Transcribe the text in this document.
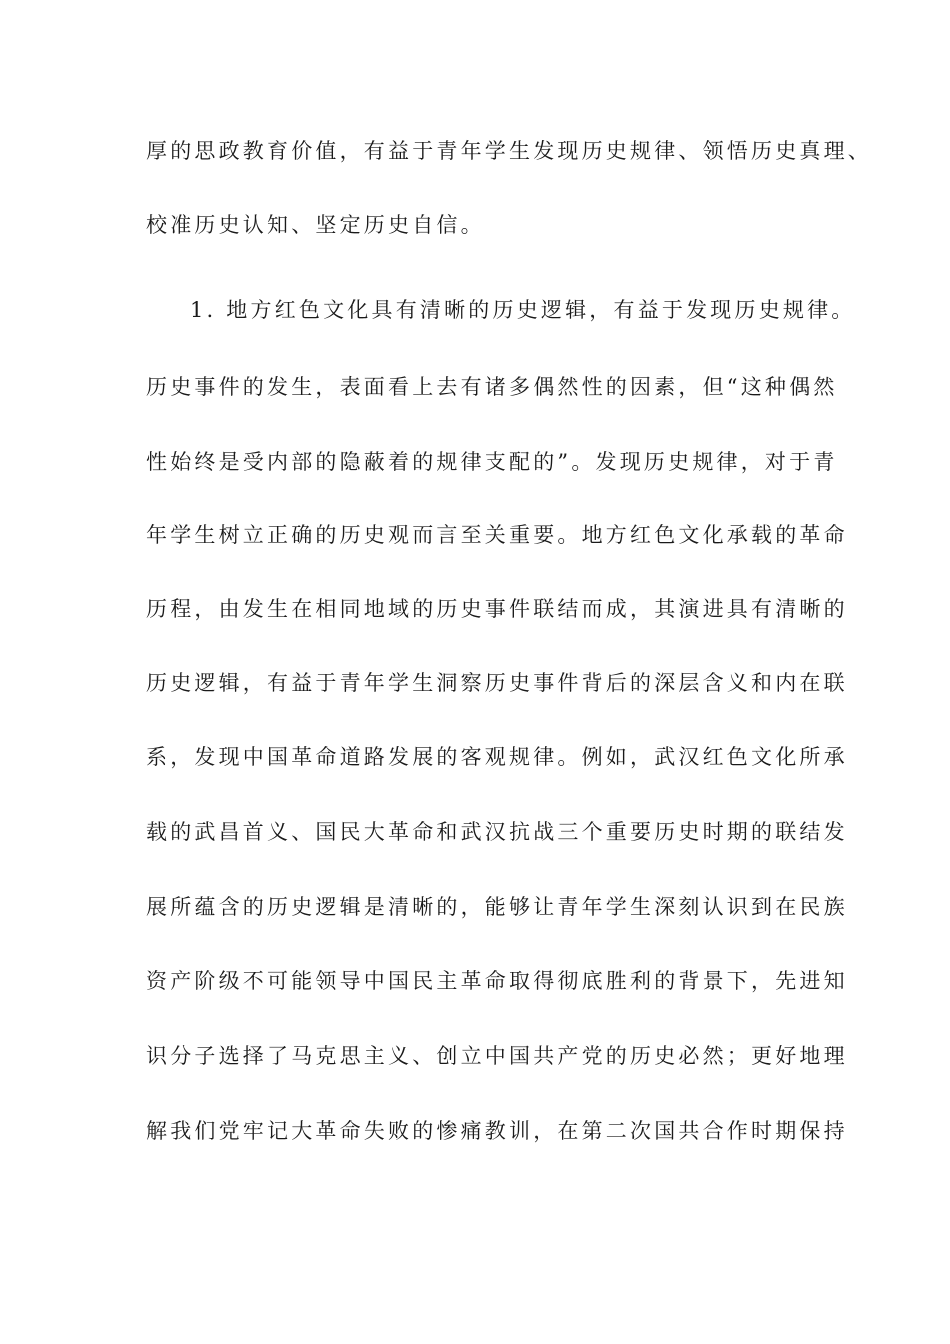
厚的思政教育价值，有益于青年学生发现历史规律、领悟历史真理、
校准历史认知、坚定历史自信。
1. 地方红色文化具有清晰的历史逻辑，有益于发现历史规律。
历史事件的发生，表面看上去有诸多偶然性的因素，但“这种偶然
性始终是受内部的隐蔽着的规律支配的”。发现历史规律，对于青
年学生树立正确的历史观而言至关重要。地方红色文化承载的革命
历程，由发生在相同地域的历史事件联结而成，其演进具有清晰的
历史逻辑，有益于青年学生洞察历史事件背后的深层含义和内在联
系，发现中国革命道路发展的客观规律。例如，武汉红色文化所承
载的武昌首义、国民大革命和武汉抗战三个重要历史时期的联结发
展所蕴含的历史逻辑是清晰的，能够让青年学生深刻认识到在民族
资产阶级不可能领导中国民主革命取得彻底胜利的背景下，先进知
识分子选择了马克思主义、创立中国共产党的历史必然；更好地理
解我们党牢记大革命失败的惨痛教训，在第二次国共合作时期保持
